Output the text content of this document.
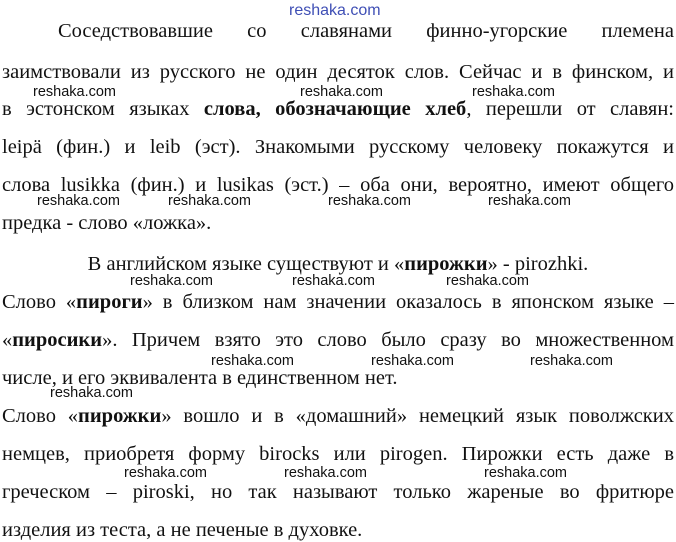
reshaka.com
reshaka.com	reshaka.com	reshaka.com
reshaka.com	reshaka.com	reshaka.com	reshaka.com
reshaka.com	reshaka.com	reshaka.com
reshaka.com	reshaka.com	reshaka.com
reshaka.com
reshaka.com	reshaka.com	reshaka.com
Соседствовавшие со славянами финно-угорские племена
заимствовали из русского не один десяток слов. Сейчас и в финском, и
в эстонском языках слова, обозначающие хлеб, перешли от славян:
leipä (фин.) и leib (эст). Знакомыми русскому человеку покажутся и
слова lusikka (фин.) и lusikas (эст.) – оба они, вероятно, имеют общего
предка - слово «ложка».
В английском языке существуют и «пирожки» - pirozhki.
Слово «пироги» в близком нам значении оказалось в японском языке –
«пиросики». Причем взято это слово было сразу во множественном
числе, и его эквивалента в единственном нет.
Слово «пирожки» вошло и в «домашний» немецкий язык поволжских
немцев, приобретя форму birocks или pirogen. Пирожки есть даже в
греческом – piroski, но так называют только жареные во фритюре
изделия из теста, а не печеные в духовке.
